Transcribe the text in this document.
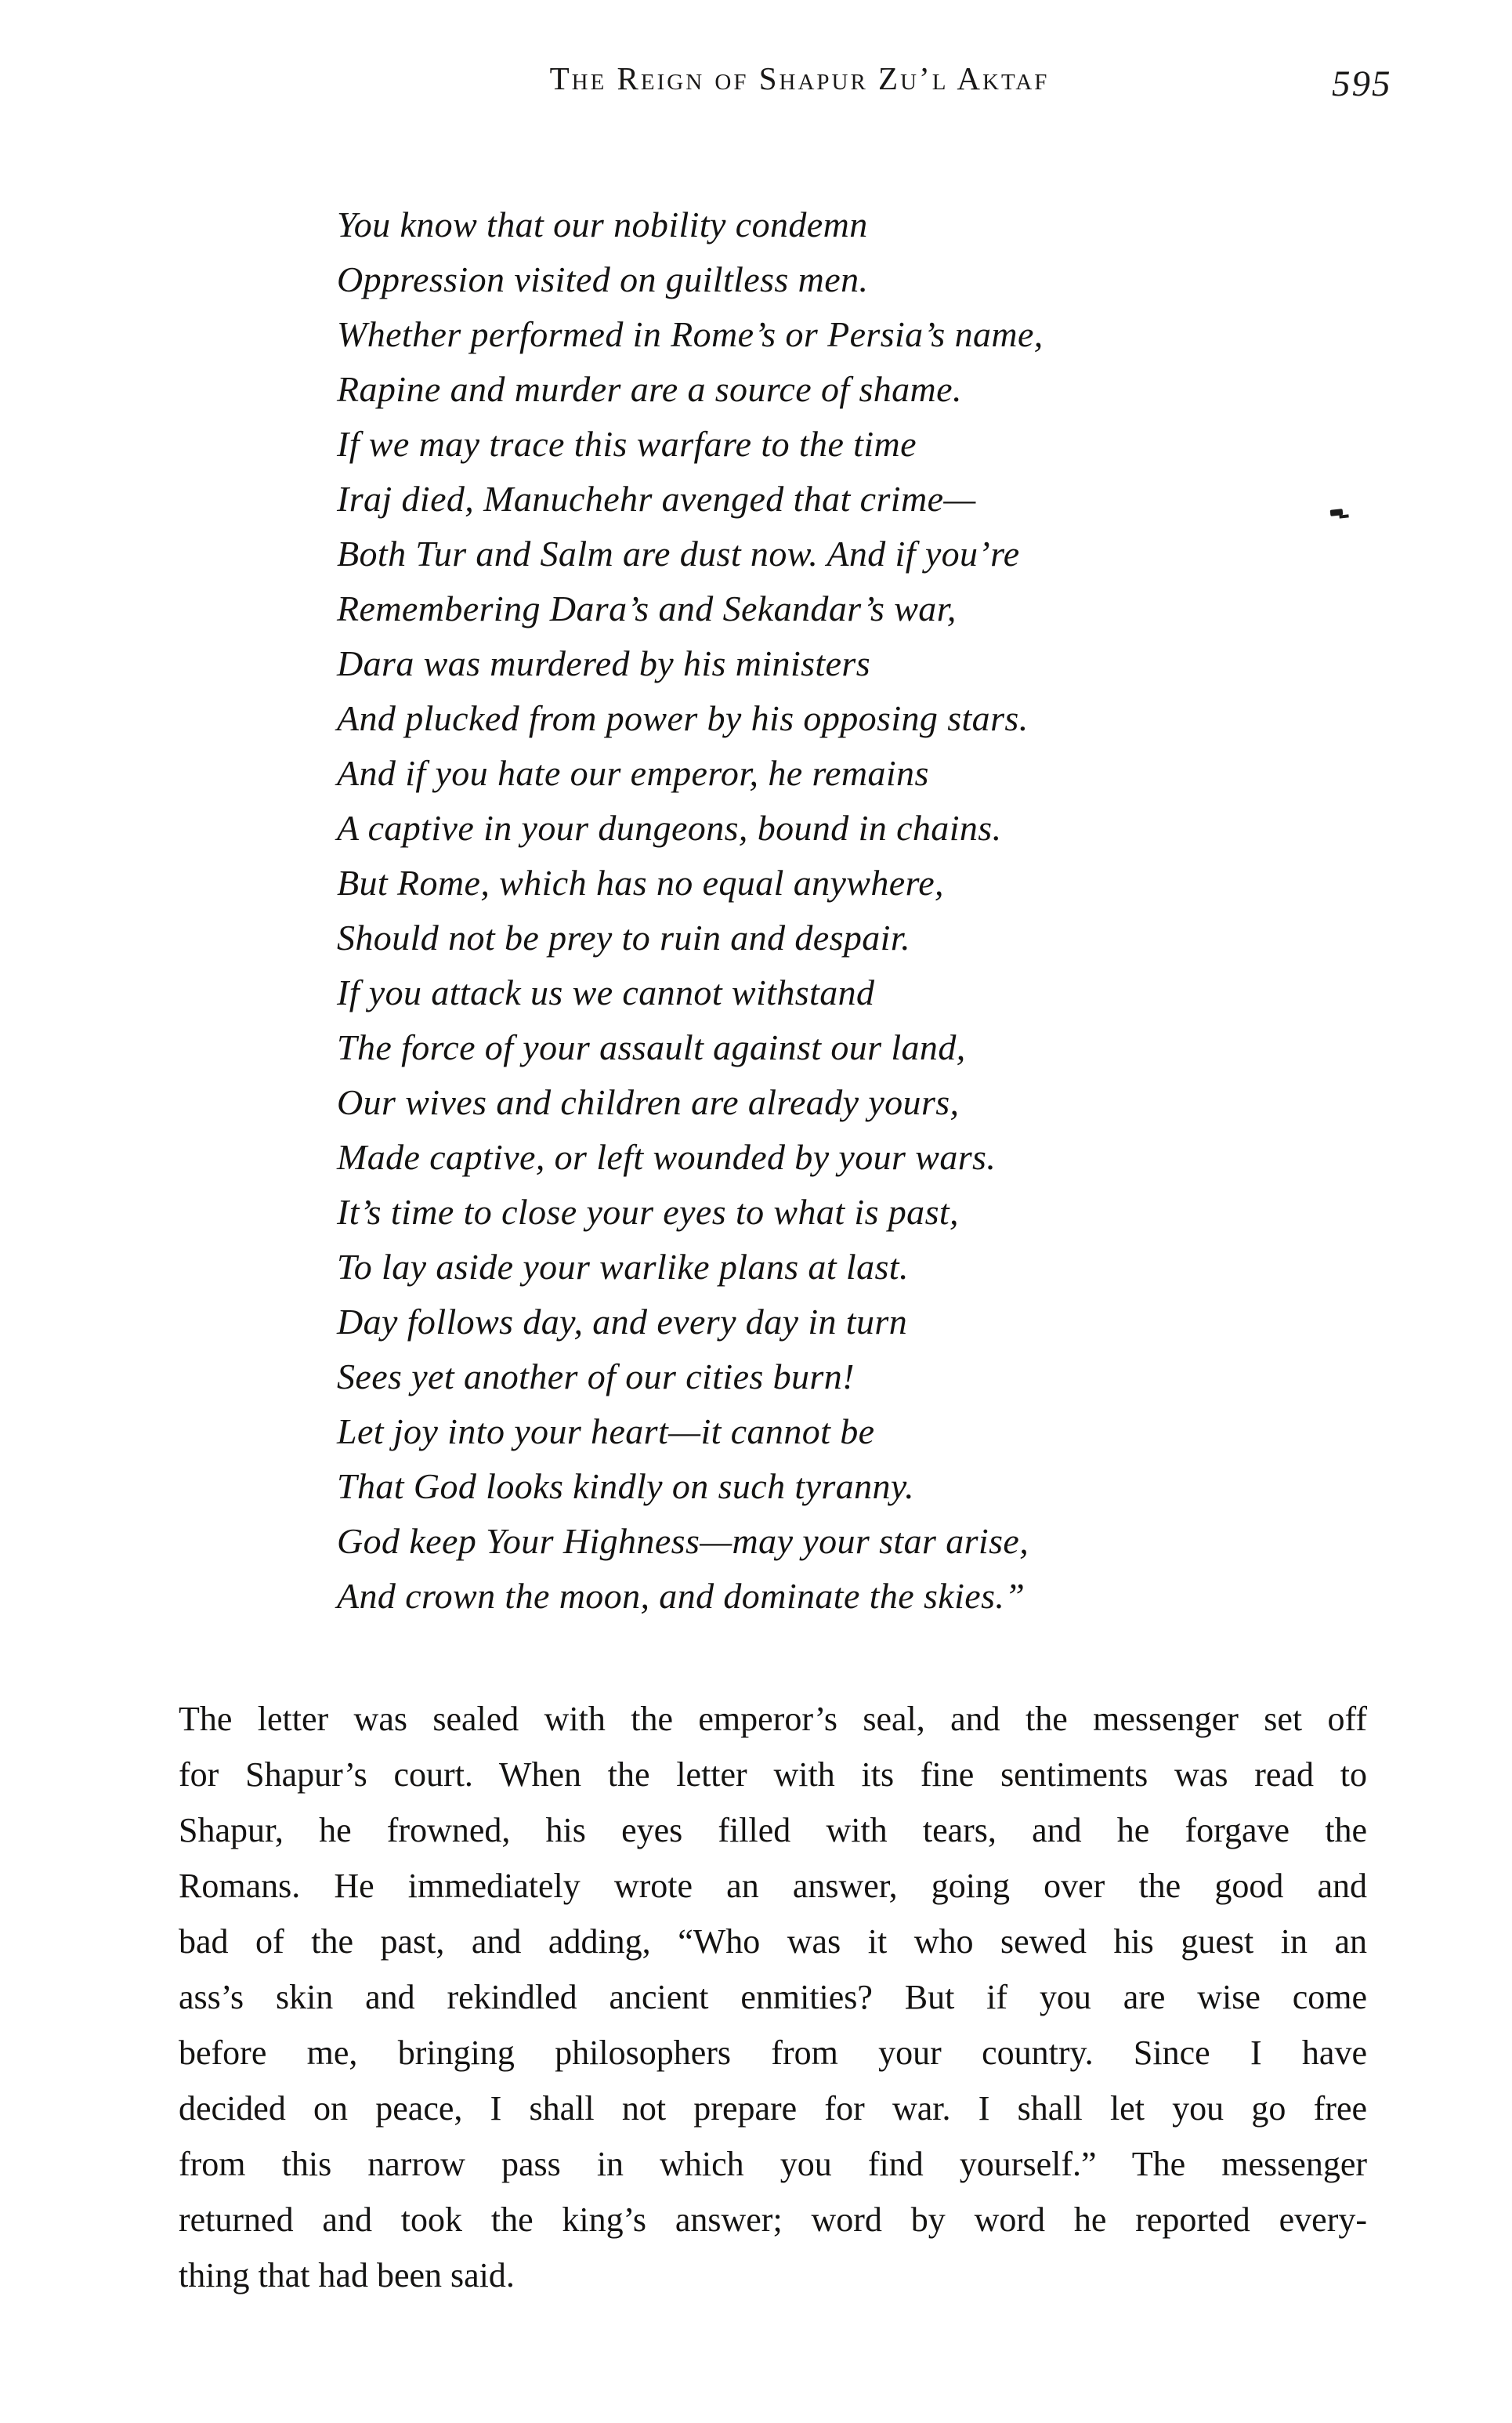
The Reign of Shapur Zu’l Aktaf	595
You know that our nobility condemn
Oppression visited on guiltless men.
Whether performed in Rome’s or Persia’s name,
Rapine and murder are a source of shame.
If we may trace this warfare to the time
Iraj died, Manuchehr avenged that crime—
Both Tur and Salm are dust now. And if you’re
Remembering Dara’s and Sekandar’s war,
Dara was murdered by his ministers
And plucked from power by his opposing stars.
And if you hate our emperor, he remains
A captive in your dungeons, bound in chains.
But Rome, which has no equal anywhere,
Should not be prey to ruin and despair.
If you attack us we cannot withstand
The force of your assault against our land,
Our wives and children are already yours,
Made captive, or left wounded by your wars.
It’s time to close your eyes to what is past,
To lay aside your warlike plans at last.
Day follows day, and every day in turn
Sees yet another of our cities burn!
Let joy into your heart—it cannot be
That God looks kindly on such tyranny.
God keep Your Highness—may your star arise,
And crown the moon, and dominate the skies.”
The letter was sealed with the emperor’s seal, and the messenger set off
for Shapur’s court. When the letter with its fine sentiments was read to
Shapur, he frowned, his eyes filled with tears, and he forgave the
Romans. He immediately wrote an answer, going over the good and
bad of the past, and adding, “Who was it who sewed his guest in an
ass’s skin and rekindled ancient enmities? But if you are wise come
before me, bringing philosophers from your country. Since I have
decided on peace, I shall not prepare for war. I shall let you go free
from this narrow pass in which you find yourself.” The messenger
returned and took the king’s answer; word by word he reported every-
thing that had been said.
